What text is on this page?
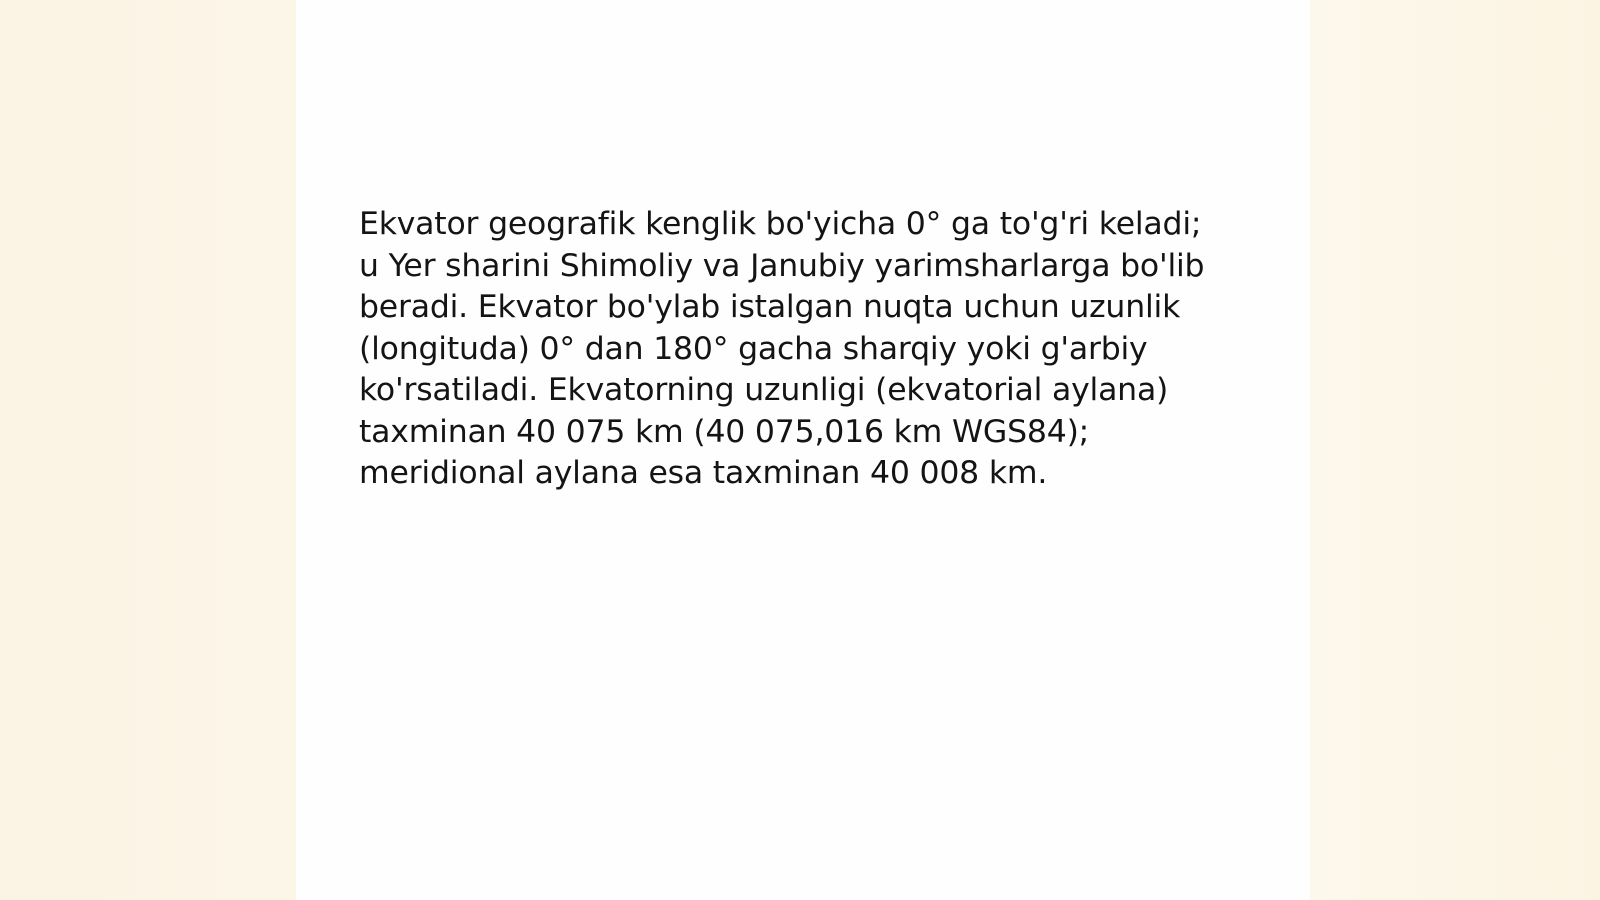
Ekvator geografik kenglik bo'yicha 0° ga to'g'ri keladi;
u Yer sharini Shimoliy va Janubiy yarimsharlarga bo'lib
beradi. Ekvator bo'ylab istalgan nuqta uchun uzunlik
(longituda) 0° dan 180° gacha sharqiy yoki g'arbiy
ko'rsatiladi. Ekvatorning uzunligi (ekvatorial aylana)
taxminan 40 075 km (40 075,016 km WGS84);
meridional aylana esa taxminan 40 008 km.
